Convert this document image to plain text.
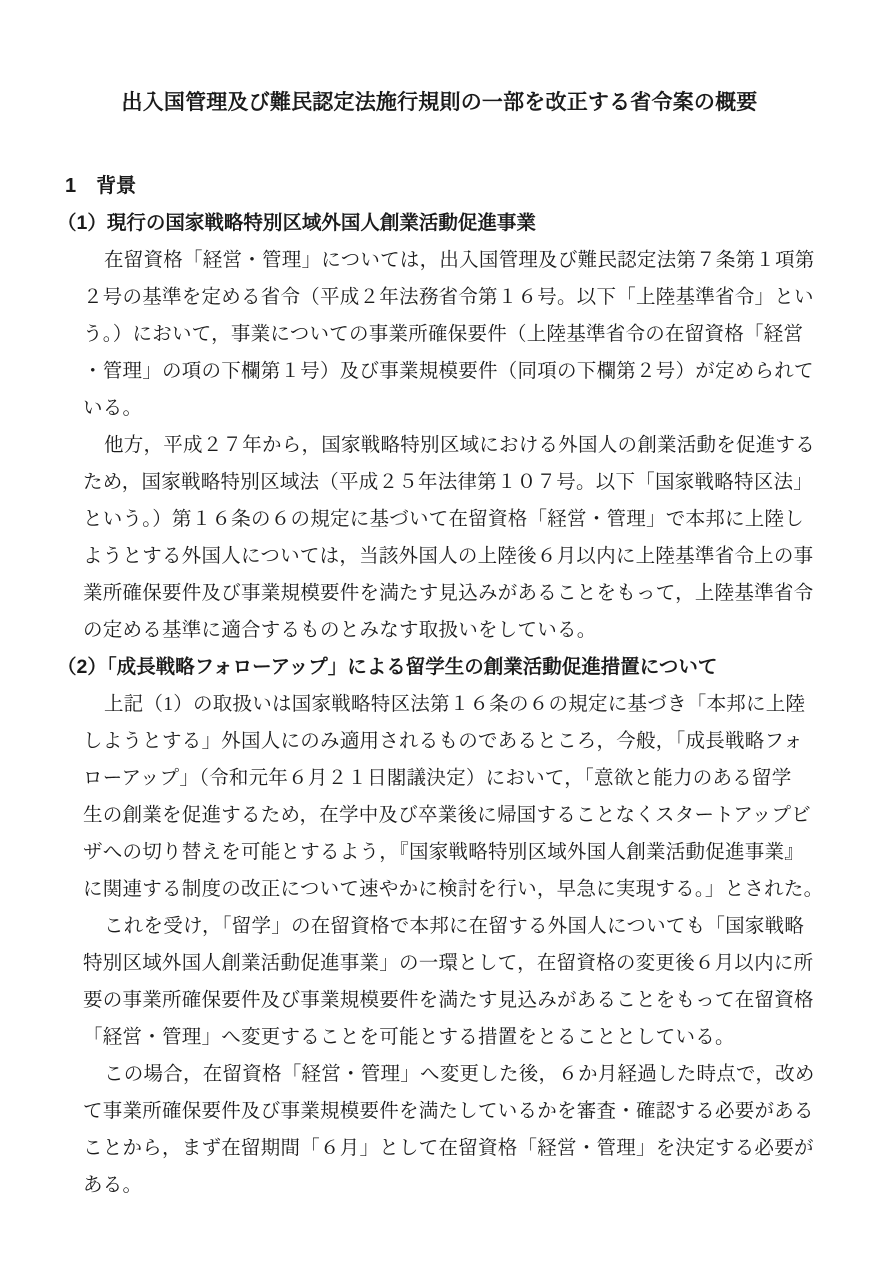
出入国管理及び難民認定法施行規則の一部を改正する省令案の概要
1　背景
（1）現行の国家戦略特別区域外国人創業活動促進事業
在留資格「経営・管理」については，出入国管理及び難民認定法第７条第１項第
２号の基準を定める省令（平成２年法務省令第１６号。以下「上陸基準省令」とい
う。）において，事業についての事業所確保要件（上陸基準省令の在留資格「経営
・管理」の項の下欄第１号）及び事業規模要件（同項の下欄第２号）が定められて
いる。
他方，平成２７年から，国家戦略特別区域における外国人の創業活動を促進する
ため，国家戦略特別区域法（平成２５年法律第１０７号。以下「国家戦略特区法」
という。）第１６条の６の規定に基づいて在留資格「経営・管理」で本邦に上陸し
ようとする外国人については，当該外国人の上陸後６月以内に上陸基準省令上の事
業所確保要件及び事業規模要件を満たす見込みがあることをもって，上陸基準省令
の定める基準に適合するものとみなす取扱いをしている。
（2）「成長戦略フォローアップ」による留学生の創業活動促進措置について
上記（1）の取扱いは国家戦略特区法第１６条の６の規定に基づき「本邦に上陸
しようとする」外国人にのみ適用されるものであるところ，今般，「成長戦略フォ
ローアップ」（令和元年６月２１日閣議決定）において，「意欲と能力のある留学
生の創業を促進するため，在学中及び卒業後に帰国することなくスタートアップビ
ザへの切り替えを可能とするよう，『国家戦略特別区域外国人創業活動促進事業』
に関連する制度の改正について速やかに検討を行い，早急に実現する。」とされた。
これを受け，「留学」の在留資格で本邦に在留する外国人についても「国家戦略
特別区域外国人創業活動促進事業」の一環として，在留資格の変更後６月以内に所
要の事業所確保要件及び事業規模要件を満たす見込みがあることをもって在留資格
「経営・管理」へ変更することを可能とする措置をとることとしている。
この場合，在留資格「経営・管理」へ変更した後，６か月経過した時点で，改め
て事業所確保要件及び事業規模要件を満たしているかを審査・確認する必要がある
ことから，まず在留期間「６月」として在留資格「経営・管理」を決定する必要が
ある。
